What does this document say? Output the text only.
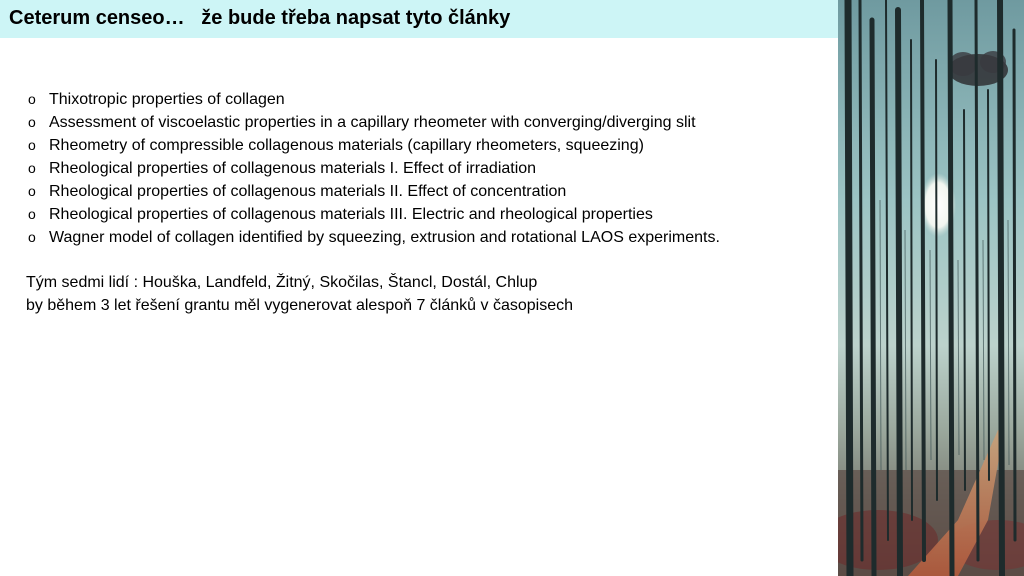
Ceterum censeo…   že bude třeba napsat tyto články
o Thixotropic properties of collagen
o Assessment of viscoelastic properties in a capillary rheometer with converging/diverging slit
o Rheometry of compressible collagenous materials (capillary rheometers, squeezing)
o Rheological properties of collagenous materials I. Effect of irradiation
o Rheological properties of collagenous materials II. Effect of concentration
o Rheological properties of collagenous materials III. Electric and rheological properties
o Wagner model of collagen identified by squeezing, extrusion and rotational LAOS experiments.
Tým sedmi lidí : Houška, Landfeld, Žitný, Skočilas, Štancl, Dostál, Chlup
by během 3 let řešení grantu měl vygenerovat alespoň 7 článků v časopisech
